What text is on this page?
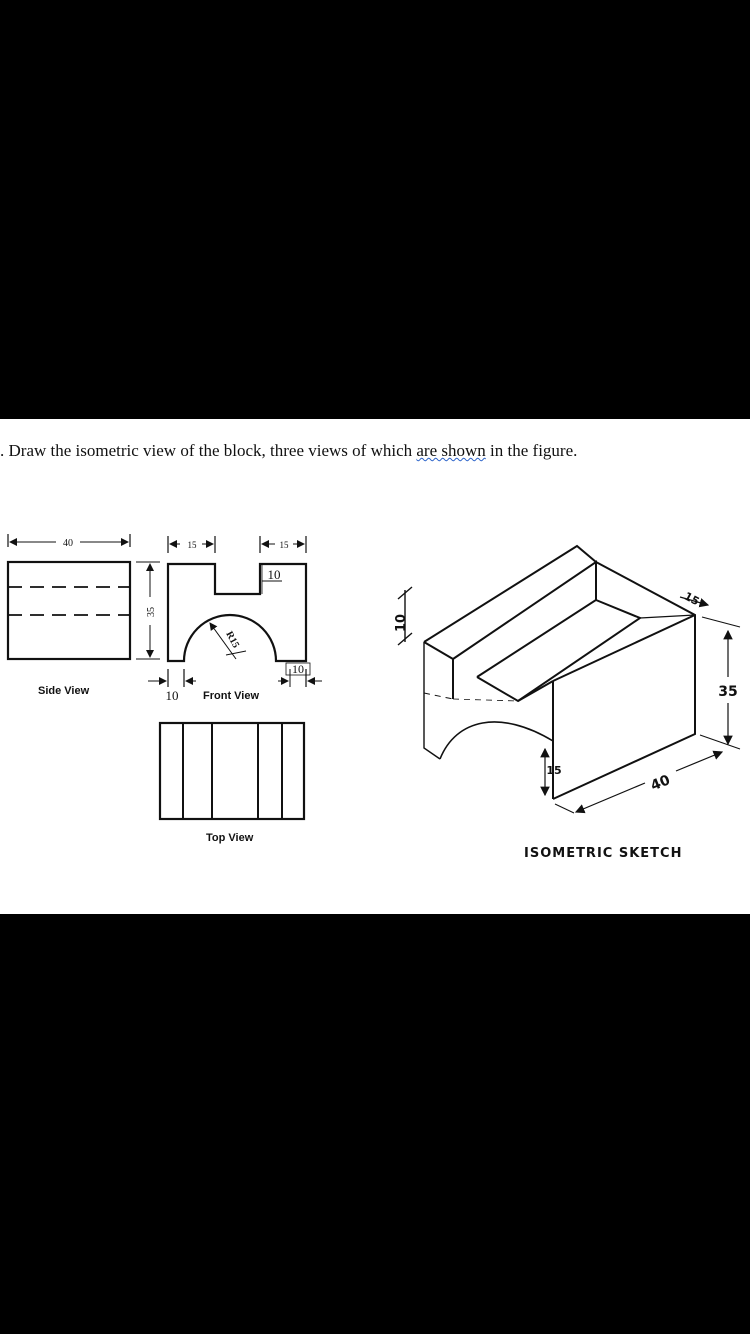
. Draw the isometric view of the block, three views of which are shown in the figure.
40
35
Side View
15	15
10
R15
10
10 Front View
Top View
10
15
35
15
40
ISOMETRIC SKETCH
